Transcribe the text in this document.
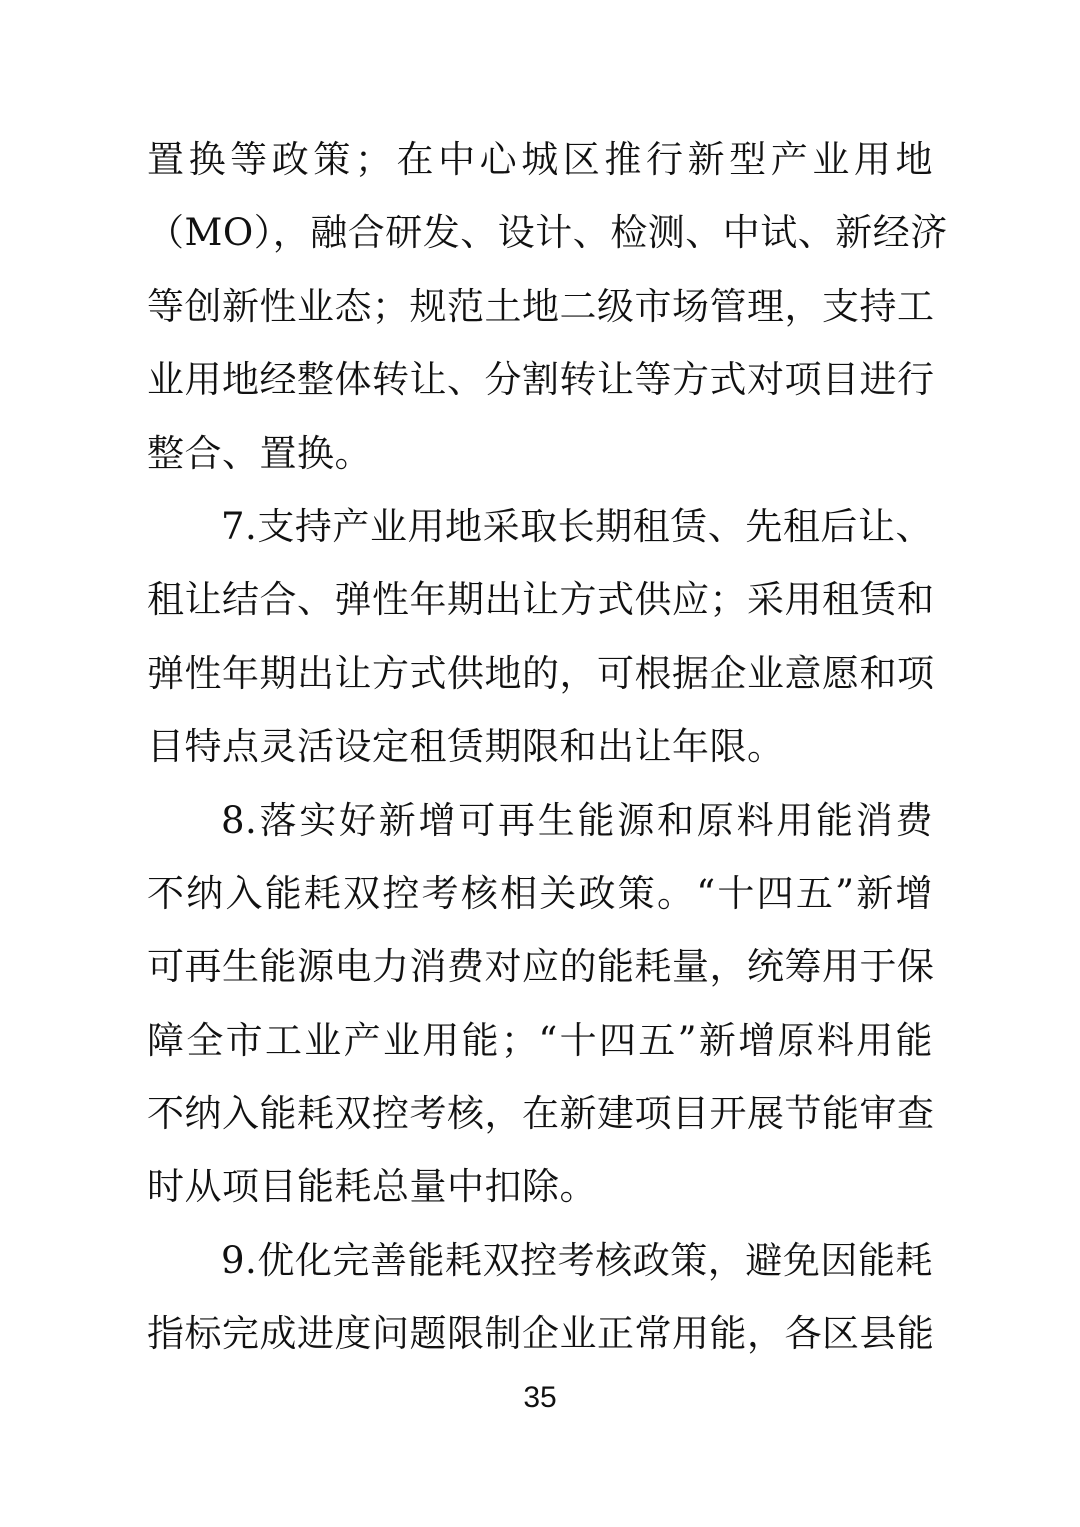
置换等政策；在中心城区推行新型产业用地
（MO），融合研发、设计、检测、中试、新经济
等创新性业态；规范土地二级市场管理，支持工
业用地经整体转让、分割转让等方式对项目进行
整合、置换。
7.支持产业用地采取长期租赁、先租后让、
租让结合、弹性年期出让方式供应；采用租赁和
弹性年期出让方式供地的，可根据企业意愿和项
目特点灵活设定租赁期限和出让年限。
8.落实好新增可再生能源和原料用能消费
不纳入能耗双控考核相关政策。“十四五”新增
可再生能源电力消费对应的能耗量，统筹用于保
障全市工业产业用能；“十四五”新增原料用能
不纳入能耗双控考核，在新建项目开展节能审查
时从项目能耗总量中扣除。
9.优化完善能耗双控考核政策，避免因能耗
指标完成进度问题限制企业正常用能，各区县能
35
